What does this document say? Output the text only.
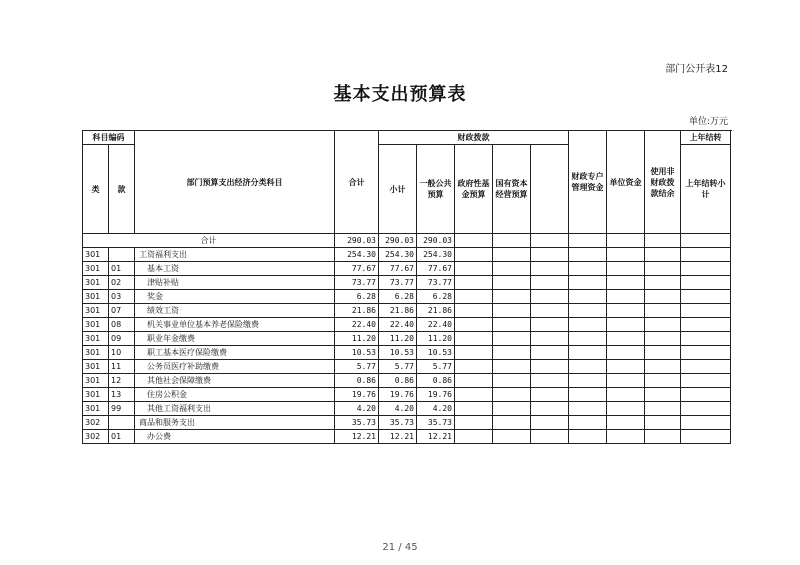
部门公开表12
基本支出预算表
单位:万元
科目编码		部门预算支出经济分类科目	合计	财政拨款					财政专户管理资金	单位资金	使用非财政拨款结余	上年结转	
类	款			小计	一般公共预算	政府性基金预算	国有资本经营预算					上年结转小计	
合计			290.03	290.03	290.03								
301		工资福利支出	254.30	254.30	254.30								
301	01	基本工资	77.67	77.67	77.67								
301	02	津贴补贴	73.77	73.77	73.77								
301	03	奖金	6.28	6.28	6.28								
301	07	绩效工资	21.86	21.86	21.86								
301	08	机关事业单位基本养老保险缴费	22.40	22.40	22.40								
301	09	职业年金缴费	11.20	11.20	11.20								
301	10	职工基本医疗保险缴费	10.53	10.53	10.53								
301	11	公务员医疗补助缴费	5.77	5.77	5.77								
301	12	其他社会保障缴费	0.86	0.86	0.86								
301	13	住房公积金	19.76	19.76	19.76								
301	99	其他工资福利支出	4.20	4.20	4.20								
302		商品和服务支出	35.73	35.73	35.73								
302	01	办公费	12.21	12.21	12.21								
21 / 45
